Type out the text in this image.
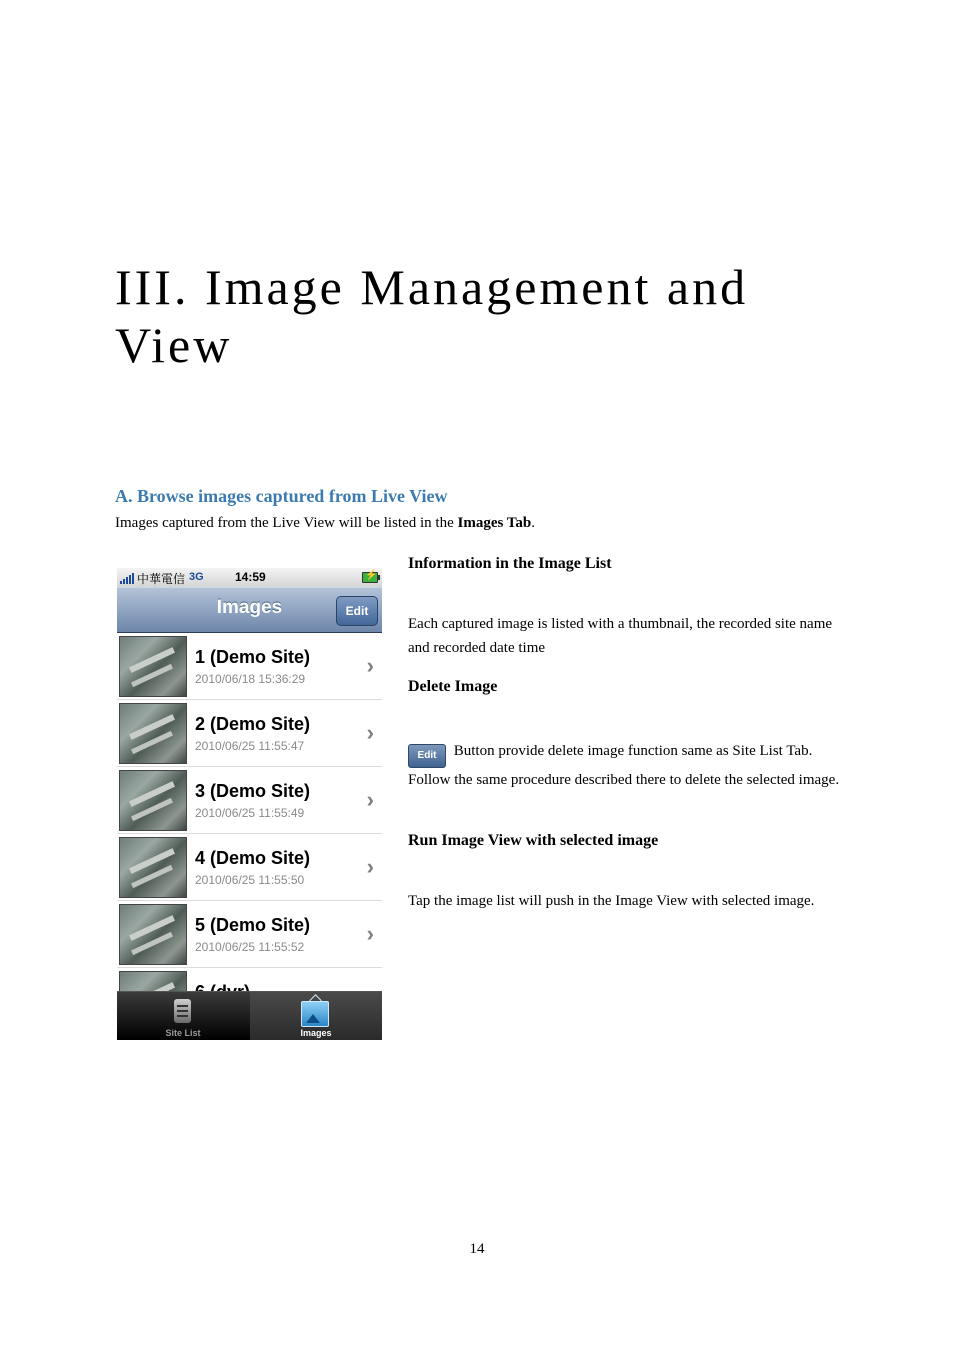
III. Image Management and View
A. Browse images captured from Live View

Images captured from the Live View will be listed in the Images Tab.

中華電信 3G	14:59	⚡
Images	Edit
1 (Demo Site)
2010/06/18 15:36:29
›
2 (Demo Site)
2010/06/25 11:55:47
›
3 (Demo Site)
2010/06/25 11:55:49
›
4 (Demo Site)
2010/06/25 11:55:50
›
5 (Demo Site)
2010/06/25 11:55:52
›
Site List	Images
Information in the Image List

Each captured image is listed with a thumbnail, the recorded site name and recorded date time

Delete Image

Edit Button provide delete image function same as Site List Tab. Follow the same procedure described there to delete the selected image.

Run Image View with selected image

Tap the image list will push in the Image View with selected image.

14
